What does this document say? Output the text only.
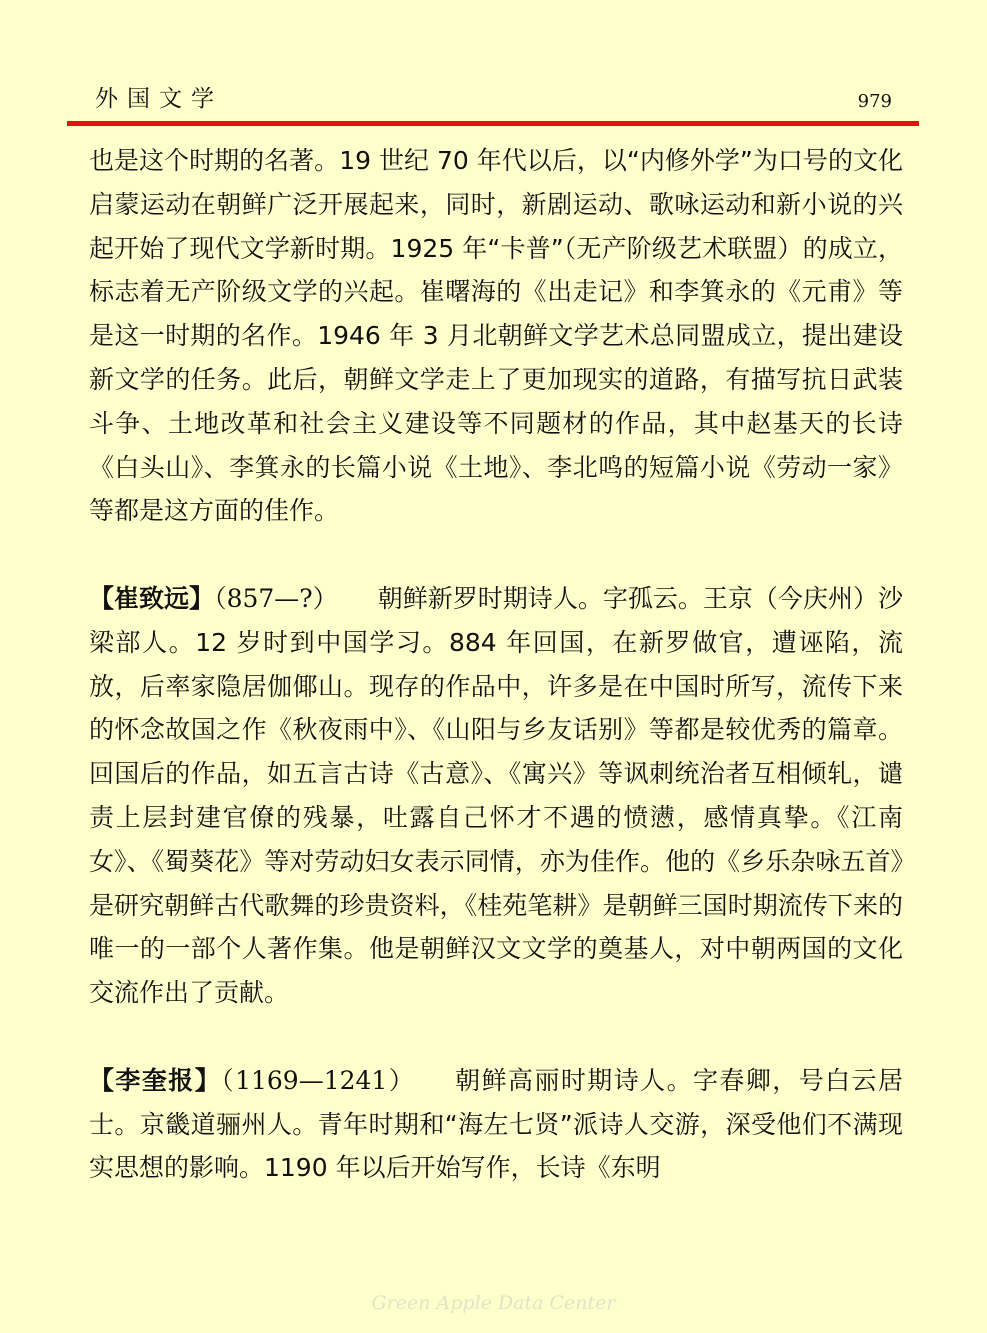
外国文学	979

也是这个时期的名著。19 世纪 70 年代以后，以“内修外学”为口号的文化启蒙运动在朝鲜广泛开展起来，同时，新剧运动、歌咏运动和新小说的兴起开始了现代文学新时期。1925 年“卡普”（无产阶级艺术联盟）的成立，标志着无产阶级文学的兴起。崔曙海的《出走记》和李箕永的《元甫》等是这一时期的名作。1946 年 3 月北朝鲜文学艺术总同盟成立，提出建设新文学的任务。此后，朝鲜文学走上了更加现实的道路，有描写抗日武装斗争、土地改革和社会主义建设等不同题材的作品，其中赵基天的长诗《白头山》、李箕永的长篇小说《土地》、李北鸣的短篇小说《劳动一家》等都是这方面的佳作。

【崔致远】（857—?） 朝鲜新罗时期诗人。字孤云。王京（今庆州）沙梁部人。12 岁时到中国学习。884 年回国，在新罗做官，遭诬陷，流放，后率家隐居伽倻山。现存的作品中，许多是在中国时所写，流传下来的怀念故国之作《秋夜雨中》、《山阳与乡友话别》等都是较优秀的篇章。回国后的作品，如五言古诗《古意》、《寓兴》等讽刺统治者互相倾轧，谴责上层封建官僚的残暴，吐露自己怀才不遇的愤懑，感情真挚。《江南女》、《蜀葵花》等对劳动妇女表示同情，亦为佳作。他的《乡乐杂咏五首》是研究朝鲜古代歌舞的珍贵资料，《桂苑笔耕》是朝鲜三国时期流传下来的唯一的一部个人著作集。他是朝鲜汉文文学的奠基人，对中朝两国的文化交流作出了贡献。

【李奎报】（1169—1241） 朝鲜高丽时期诗人。字春卿，号白云居士。京畿道骊州人。青年时期和“海左七贤”派诗人交游，深受他们不满现实思想的影响。1190 年以后开始写作，长诗《东明

Green Apple Data Center
